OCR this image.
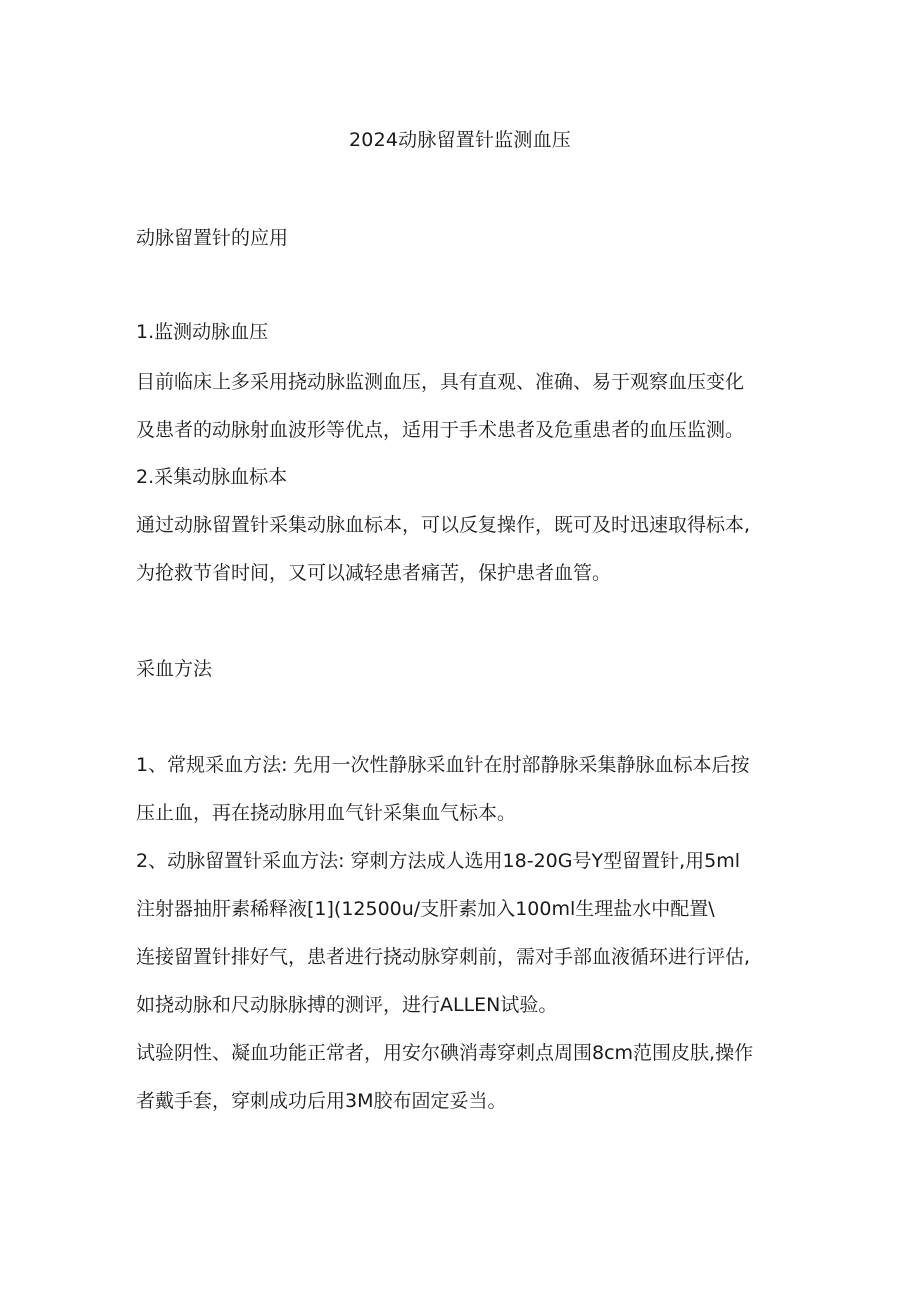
2024动脉留置针监测血压

动脉留置针的应用

1.监测动脉血压

目前临床上多采用挠动脉监测血压，具有直观、准确、易于观察血压变化

及患者的动脉射血波形等优点，适用于手术患者及危重患者的血压监测。

2.采集动脉血标本

通过动脉留置针采集动脉血标本，可以反复操作，既可及时迅速取得标本,

为抢救节省时间，又可以减轻患者痛苦，保护患者血管。

采血方法

1、常规采血方法: 先用一次性静脉采血针在肘部静脉采集静脉血标本后按

压止血，再在挠动脉用血气针采集血气标本。

2、动脉留置针采血方法: 穿刺方法成人选用18-20G号Y型留置针,用5ml

注射器抽肝素稀释液[1](12500u/支肝素加入100ml生理盐水中配置\

连接留置针排好气，患者进行挠动脉穿刺前，需对手部血液循环进行评估,

如挠动脉和尺动脉脉搏的测评，进行ALLEN试验。

试验阴性、凝血功能正常者，用安尔碘消毒穿刺点周围8cm范围皮肤,操作

者戴手套，穿刺成功后用3M胶布固定妥当。
